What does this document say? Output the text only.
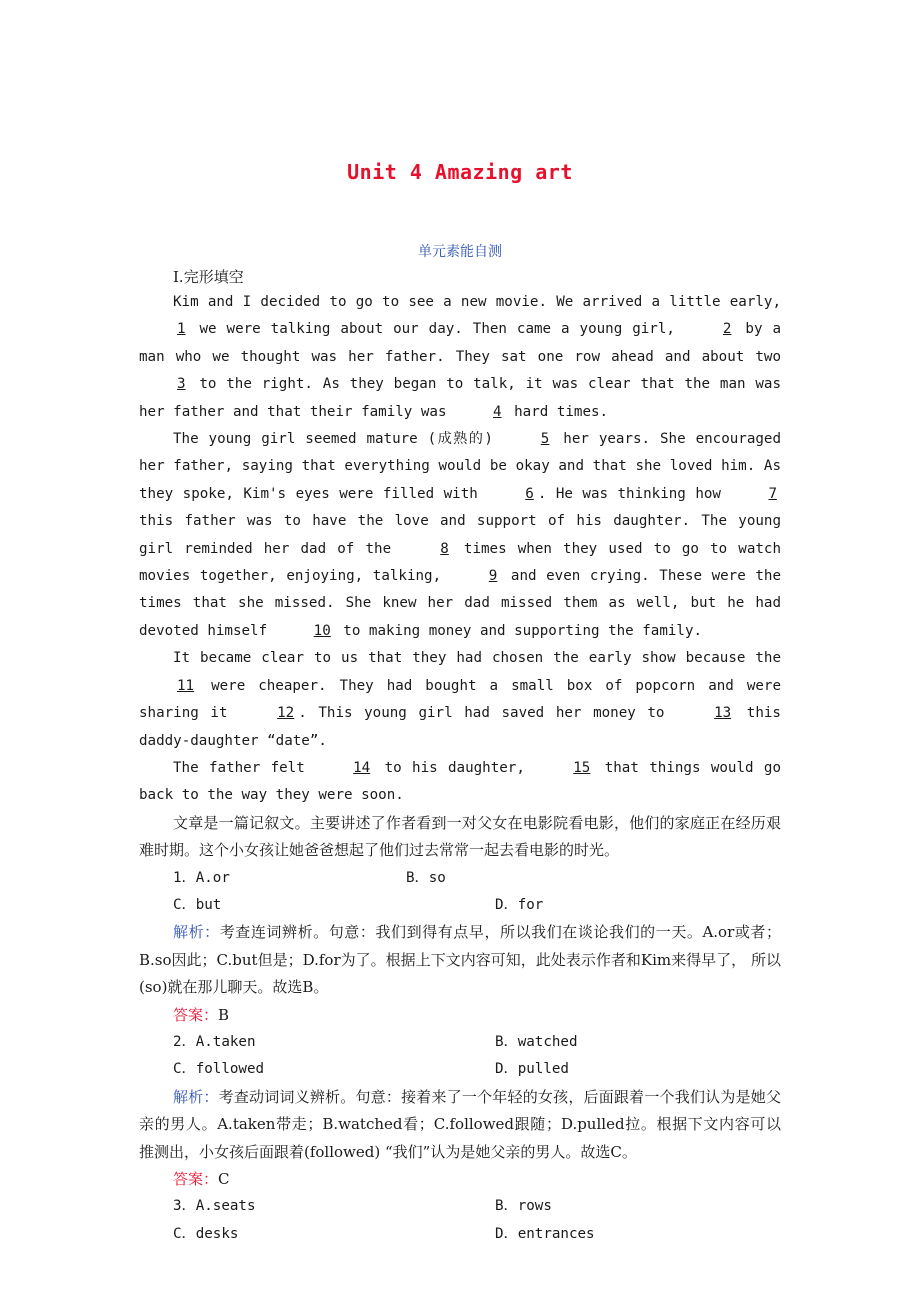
Unit 4 Amazing art
单元素能自测
Ⅰ.完形填空

Kim and I decided to go to see a new movie. We arrived a little early, 1 we were talking about our day. Then came a young girl,	2 by a man who we thought was her father. They sat one row ahead and about two 3 to the right. As they began to talk, it was clear that the man was her father and that their family was	4 hard times.

The young girl seemed mature (成熟的)	5 her years. She encouraged her father, saying that everything would be okay and that she loved him. As they spoke, Kim's eyes were filled with	6 . He was thinking how	7 this father was to have the love and support of his daughter. The young girl reminded her dad of the	8 times when they used to go to watch movies together, enjoying, talking,	9 and even crying. These were the times that she missed. She knew her dad missed them as well, but he had devoted himself	10 to making money and supporting the family.

It became clear to us that they had chosen the early show because the 11 were cheaper. They had bought a small box of popcorn and were sharing it	12 . This young girl had saved her money to	13 this daddy-daughter “date”.

The father felt	14 to his daughter,	15 that things would go back to the way they were soon.

文章是一篇记叙文。主要讲述了作者看到一对父女在电影院看电影，他们的家庭正在经历艰难时期。这个小女孩让她爸爸想起了他们过去常常一起去看电影的时光。

1．A.or	B．so
C．but	D．for

解析：考查连词辨析。句意：我们到得有点早，所以我们在谈论我们的一天。A.or或者；B.so因此；C.but但是；D.for为了。根据上下文内容可知，此处表示作者和Kim来得早了， 所以(so)就在那儿聊天。故选B。

答案：B

2．A.taken	B．watched
C．followed	D．pulled

解析：考查动词词义辨析。句意：接着来了一个年轻的女孩，后面跟着一个我们认为是她父亲的男人。A.taken带走；B.watched看；C.followed跟随；D.pulled拉。根据下文内容可以推测出，小女孩后面跟着(followed) “我们”认为是她父亲的男人。故选C。

答案：C

3．A.seats	B．rows
C．desks	D．entrances
